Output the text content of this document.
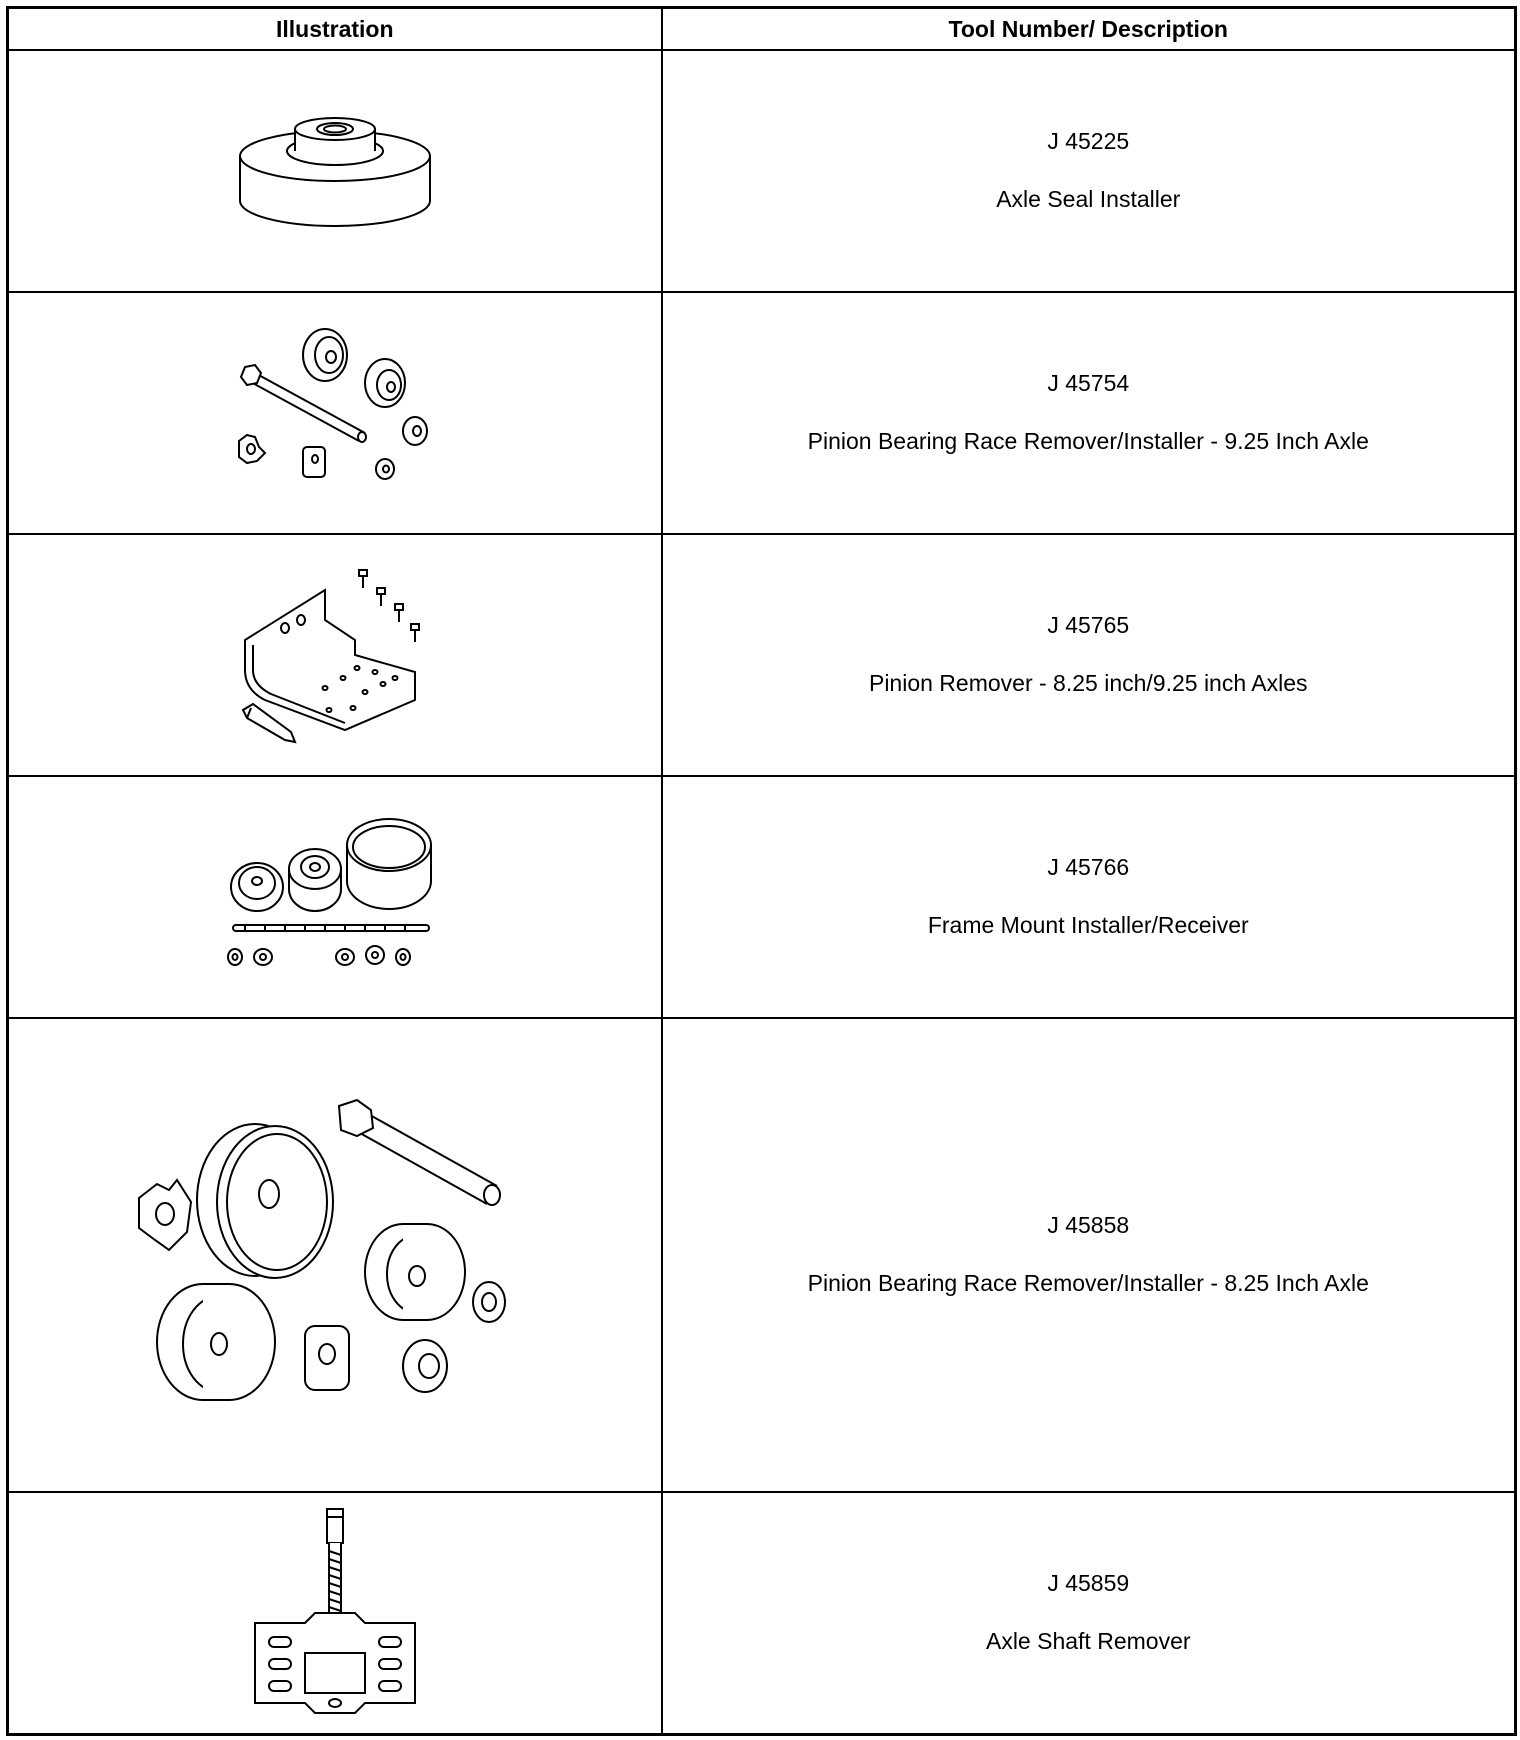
Illustration	Tool Number/ Description

J 45225
Axle Seal Installer

J 45754
Pinion Bearing Race Remover/Installer - 9.25 Inch Axle

J 45765
Pinion Remover - 8.25 inch/9.25 inch Axles

J 45766
Frame Mount Installer/Receiver

J 45858
Pinion Bearing Race Remover/Installer - 8.25 Inch Axle

J 45859
Axle Shaft Remover
